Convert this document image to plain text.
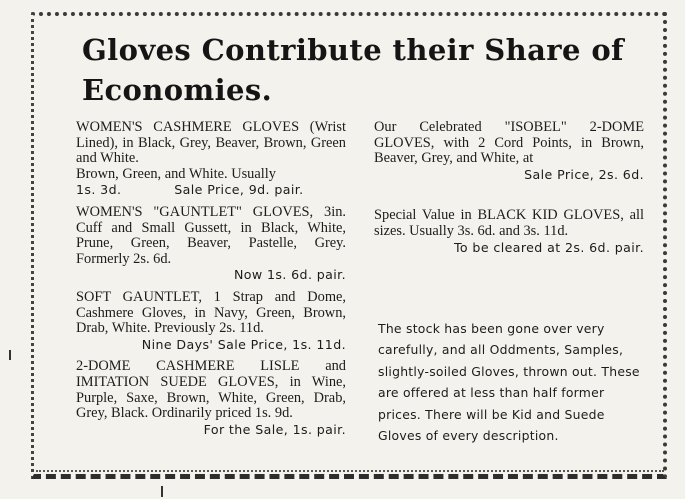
Gloves Contribute their Share of
Economies.

WOMEN'S CASHMERE GLOVES (Wrist Lined), in Black, Grey, Beaver, Brown, Green and White.

Brown, Green, and White. Usually

1s. 3d.            Sale Price, 9d. pair.

WOMEN'S "GAUNTLET" GLOVES, 3in. Cuff and Small Gussett, in Black, White, Prune, Green, Beaver, Pastelle, Grey. Formerly 2s. 6d.

Now 1s. 6d. pair.

SOFT GAUNTLET, 1 Strap and Dome, Cashmere Gloves, in Navy, Green, Brown, Drab, White. Previously 2s. 11d.

Nine Days' Sale Price, 1s. 11d.

2-DOME CASHMERE LISLE and IMITATION SUEDE GLOVES, in Wine, Purple, Saxe, Brown, White, Green, Drab, Grey, Black. Ordinarily priced 1s. 9d.

For the Sale, 1s. pair.

Our Celebrated "ISOBEL" 2-DOME GLOVES, with 2 Cord Points, in Brown, Beaver, Grey, and White, at

Sale Price, 2s. 6d.

Special Value in BLACK KID GLOVES, all sizes. Usually 3s. 6d. and 3s. 11d.

To be cleared at 2s. 6d. pair.

The stock has been gone over very carefully, and all Oddments, Samples, slightly-soiled Gloves, thrown out. These are offered at less than half former prices. There will be Kid and Suede Gloves of every description.
